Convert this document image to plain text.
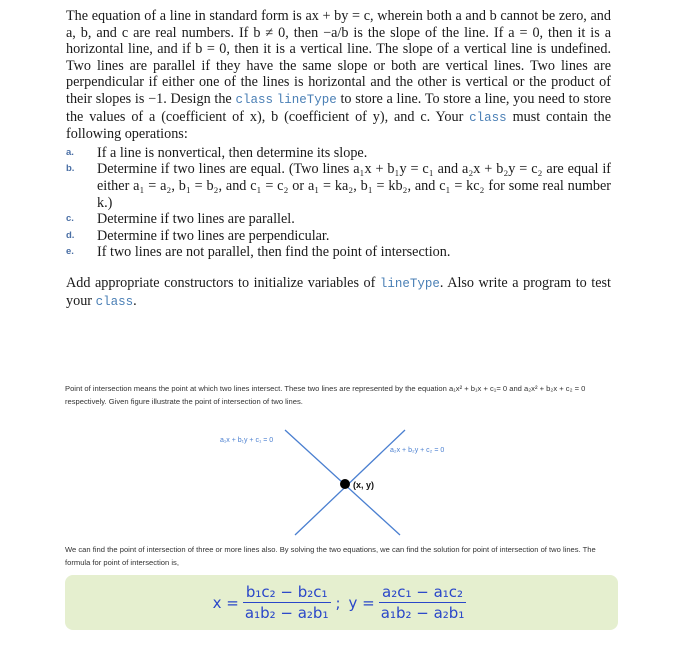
The equation of a line in standard form is ax + by = c, wherein both a and b cannot be zero, and a, b, and c are real numbers. If b ≠ 0, then −a/b is the slope of the line. If a = 0, then it is a horizontal line, and if b = 0, then it is a vertical line. The slope of a vertical line is undefined. Two lines are parallel if they have the same slope or both are vertical lines. Two lines are perpendicular if either one of the lines is horizontal and the other is vertical or the product of their slopes is −1. Design the class lineType to store a line. To store a line, you need to store the values of a (coefficient of x), b (coefficient of y), and c. Your class must contain the following operations:

a. If a line is nonvertical, then determine its slope.
b. Determine if two lines are equal. (Two lines a₁x + b₁y = c₁ and a₂x + b₂y = c₂ are equal if either a₁ = a₂, b₁ = b₂, and c₁ = c₂ or a₁ = ka₂, b₁ = kb₂, and c₁ = kc₂ for some real number k.)
c. Determine if two lines are parallel.
d. Determine if two lines are perpendicular.
e. If two lines are not parallel, then find the point of intersection.

Add appropriate constructors to initialize variables of lineType. Also write a program to test your class.

Point of intersection means the point at which two lines intersect. These two lines are represented by the equation a₁x² + b₁x + c₁= 0 and a₂x² + b₂x + c₂ = 0 respectively. Given figure illustrate the point of intersection of two lines.
a₁x + b₁y + c₁ = 0
a₂x + b₂y + c₂ = 0
(x, y)
We can find the point of intersection of three or more lines also. By solving the two equations, we can find the solution for point of intersection of two lines. The formula for point of intersection is,
$x = \frac{\text{b₁c₂ − b₂c₁}}{\text{a₁b₂ − a₂b₁}}$ ; $y = \frac{\text{a₂c₁ − a₁c₂}}{\text{a₁b₂ − a₂b₁}}$
